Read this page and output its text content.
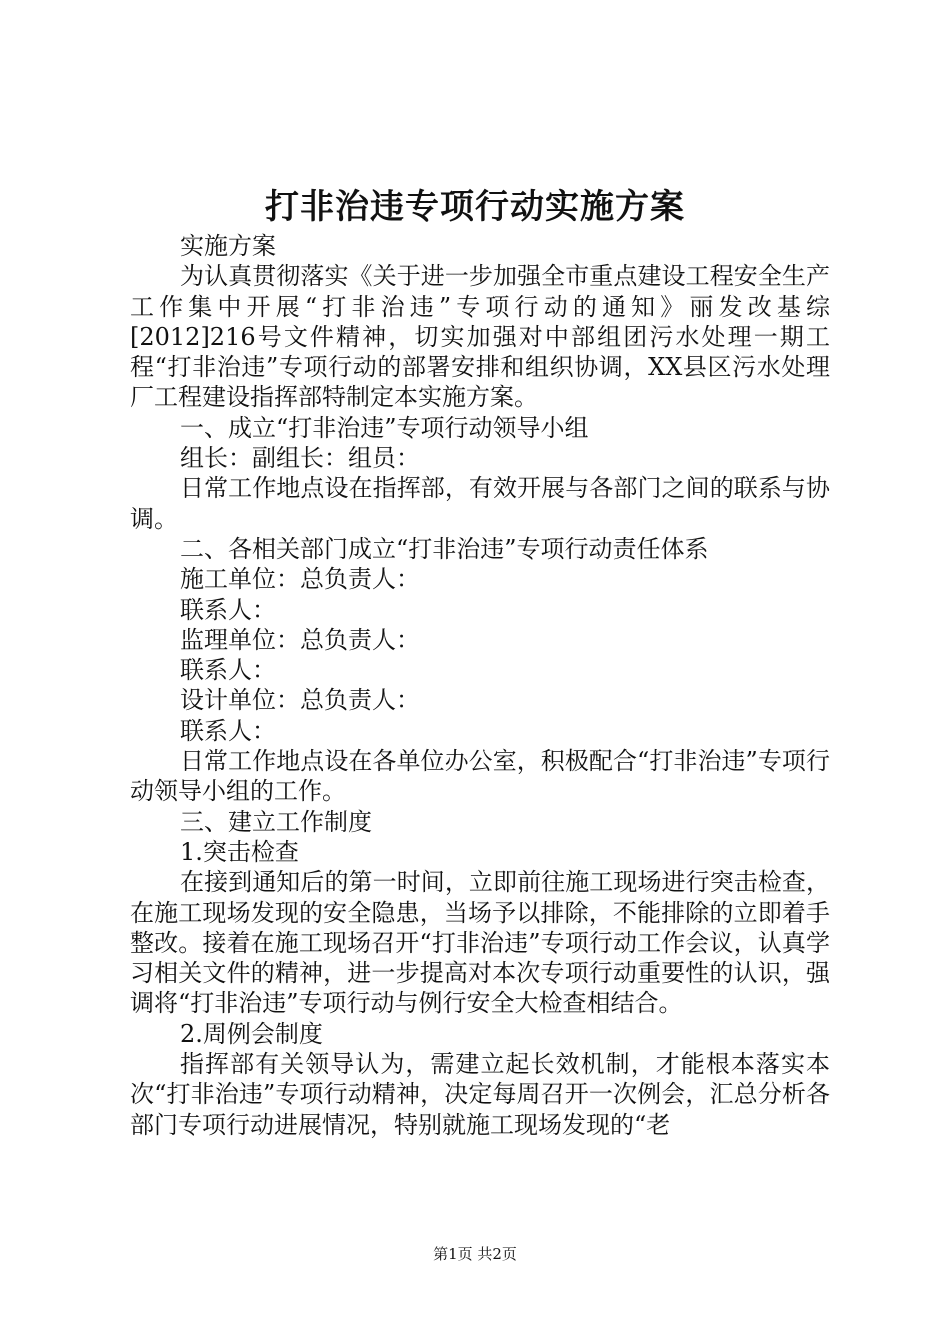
打非治违专项行动实施方案

实施方案

为认真贯彻落实《关于进一步加强全市重点建设工程安全生产工作集中开展“打非治违”专项行动的通知》丽发改基综[2012]216号文件精神，切实加强对中部组团污水处理一期工程“打非治违”专项行动的部署安排和组织协调，XX县区污水处理厂工程建设指挥部特制定本实施方案。

一、成立“打非治违”专项行动领导小组

组长：副组长：组员：

日常工作地点设在指挥部，有效开展与各部门之间的联系与协调。

二、各相关部门成立“打非治违”专项行动责任体系

施工单位：总负责人：

联系人：

监理单位：总负责人：

联系人：

设计单位：总负责人：

联系人：

日常工作地点设在各单位办公室，积极配合“打非治违”专项行动领导小组的工作。

三、建立工作制度

1.突击检查

在接到通知后的第一时间，立即前往施工现场进行突击检查，在施工现场发现的安全隐患，当场予以排除，不能排除的立即着手整改。接着在施工现场召开“打非治违”专项行动工作会议，认真学习相关文件的精神，进一步提高对本次专项行动重要性的认识，强调将“打非治违”专项行动与例行安全大检查相结合。

2.周例会制度

指挥部有关领导认为，需建立起长效机制，才能根本落实本次“打非治违”专项行动精神，决定每周召开一次例会，汇总分析各部门专项行动进展情况，特别就施工现场发现的“老

第1页 共2页
